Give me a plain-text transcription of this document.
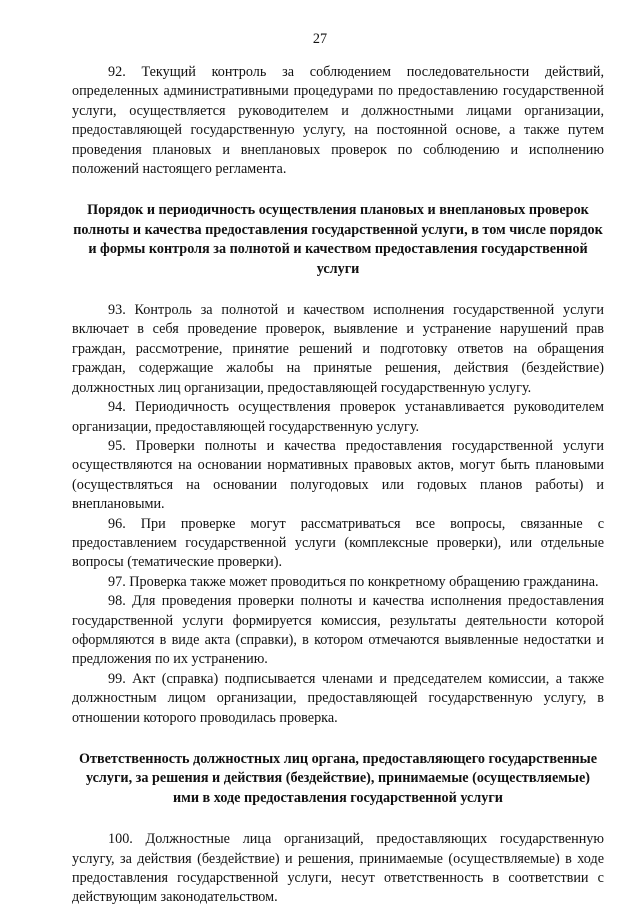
27

92. Текущий контроль за соблюдением последовательности действий, определенных административными процедурами по предоставлению государственной услуги, осуществляется руководителем и должностными лицами организации, предоставляющей государственную услугу, на постоянной основе, а также путем проведения плановых и внеплановых проверок по соблюдению и исполнению положений настоящего регламента.

Порядок и периодичность осуществления плановых и внеплановых проверок полноты и качества предоставления государственной услуги, в том числе порядок и формы контроля за полнотой и качеством предоставления государственной услуги

93. Контроль за полнотой и качеством исполнения государственной услуги включает в себя проведение проверок, выявление и устранение нарушений прав граждан, рассмотрение, принятие решений и подготовку ответов на обращения граждан, содержащие жалобы на принятые решения, действия (бездействие) должностных лиц организации, предоставляющей государственную услугу.

94. Периодичность осуществления проверок устанавливается руководителем организации, предоставляющей государственную услугу.

95. Проверки полноты и качества предоставления государственной услуги осуществляются на основании нормативных правовых актов, могут быть плановыми (осуществляться на основании полугодовых или годовых планов работы) и внеплановыми.

96. При проверке могут рассматриваться все вопросы, связанные с предоставлением государственной услуги (комплексные проверки), или отдельные вопросы (тематические проверки).

97. Проверка также может проводиться по конкретному обращению гражданина.

98. Для проведения проверки полноты и качества исполнения предоставления государственной услуги формируется комиссия, результаты деятельности которой оформляются в виде акта (справки), в котором отмечаются выявленные недостатки и предложения по их устранению.

99. Акт (справка) подписывается членами и председателем комиссии, а также должностным лицом организации, предоставляющей государственную услугу, в отношении которого проводилась проверка.

Ответственность должностных лиц органа, предоставляющего государственные услуги, за решения и действия (бездействие), принимаемые (осуществляемые) ими в ходе предоставления государственной услуги

100. Должностные лица организаций, предоставляющих государственную услугу, за действия (бездействие) и решения, принимаемые (осуществляемые) в ходе предоставления государственной услуги, несут ответственность в соответствии с действующим законодательством.
